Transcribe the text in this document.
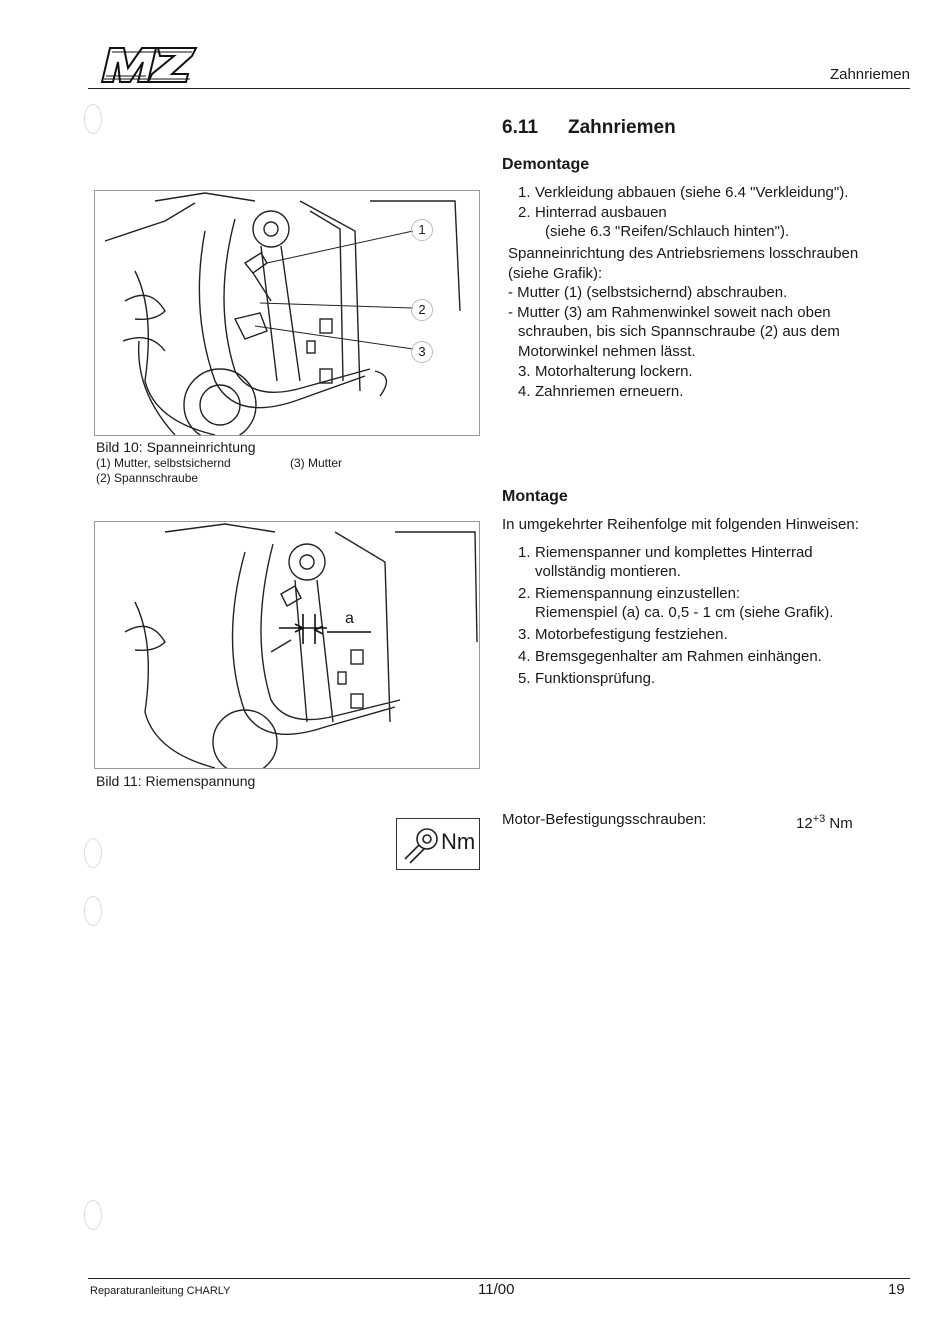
Zahnriemen
6.11 Zahnriemen
Demontage
1. Verkleidung abbauen (siehe 6.4 "Verkleidung").
2. Hinterrad ausbauen
(siehe 6.3 "Reifen/Schlauch hinten").
Spanneinrichtung des Antriebsriemens losschrauben
(siehe Grafik):
- Mutter (1) (selbstsichernd) abschrauben.
- Mutter (3) am Rahmenwinkel soweit nach oben
schrauben, bis sich Spannschraube (2) aus dem
Motorwinkel nehmen lässt.
3. Motorhalterung lockern.
4. Zahnriemen erneuern.
1
2
3
Bild 10: Spanneinrichtung
(1) Mutter, selbstsichernd	(3) Mutter
(2) Spannschraube
Montage
In umgekehrter Reihenfolge mit folgenden Hinweisen:
1. Riemenspanner und komplettes Hinterrad
vollständig montieren.
2. Riemenspannung einzustellen:
Riemenspiel (a) ca. 0,5 - 1 cm (siehe Grafik).
3. Motorbefestigung festziehen.
4. Bremsgegenhalter am Rahmen einhängen.
5. Funktionsprüfung.
a
Bild 11: Riemenspannung
Nm
Motor-Befestigungsschrauben:	$12^{+3}$ Nm
Reparaturanleitung CHARLY	11/00	19
